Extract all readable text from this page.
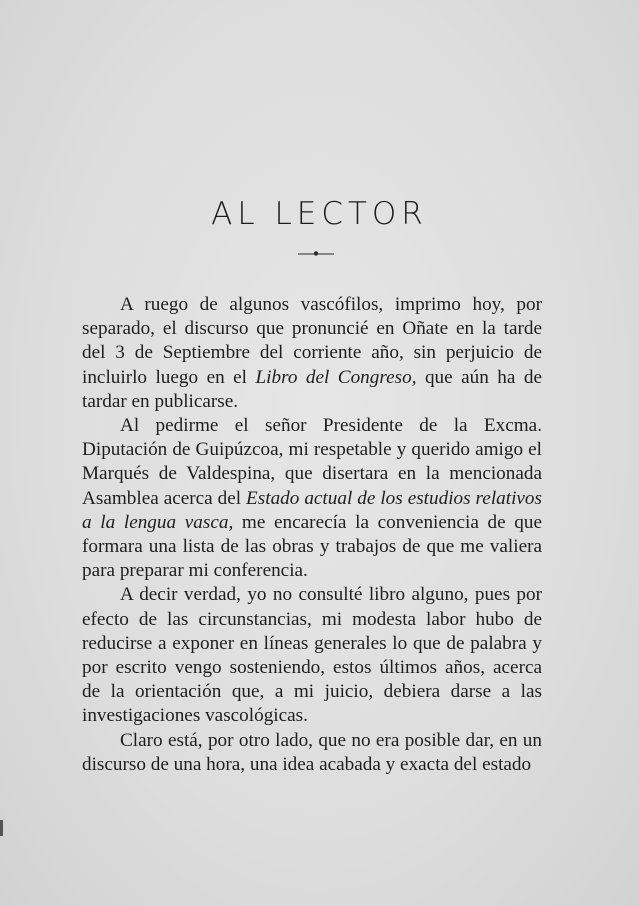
AL LECTOR

A ruego de algunos vascófilos, imprimo hoy, por separado, el discurso que pronuncié en Oñate en la tarde del 3 de Septiembre del corriente año, sin perjuicio de incluirlo luego en el Libro del Congreso, que aún ha de tardar en publicarse.

Al pedirme el señor Presidente de la Excma. Diputación de Guipúzcoa, mi respetable y querido amigo el Marqués de Valdespina, que disertara en la mencionada Asamblea acerca del Estado actual de los estudios relativos a la lengua vasca, me encarecía la conveniencia de que formara una lista de las obras y trabajos de que me valiera para preparar mi conferencia.

A decir verdad, yo no consulté libro alguno, pues por efecto de las circunstancias, mi modesta labor hubo de reducirse a exponer en líneas generales lo que de palabra y por escrito vengo sosteniendo, estos últimos años, acerca de la orientación que, a mi juicio, debiera darse a las investigaciones vascológicas.

Claro está, por otro lado, que no era posible dar, en un discurso de una hora, una idea acabada y exacta del estado
